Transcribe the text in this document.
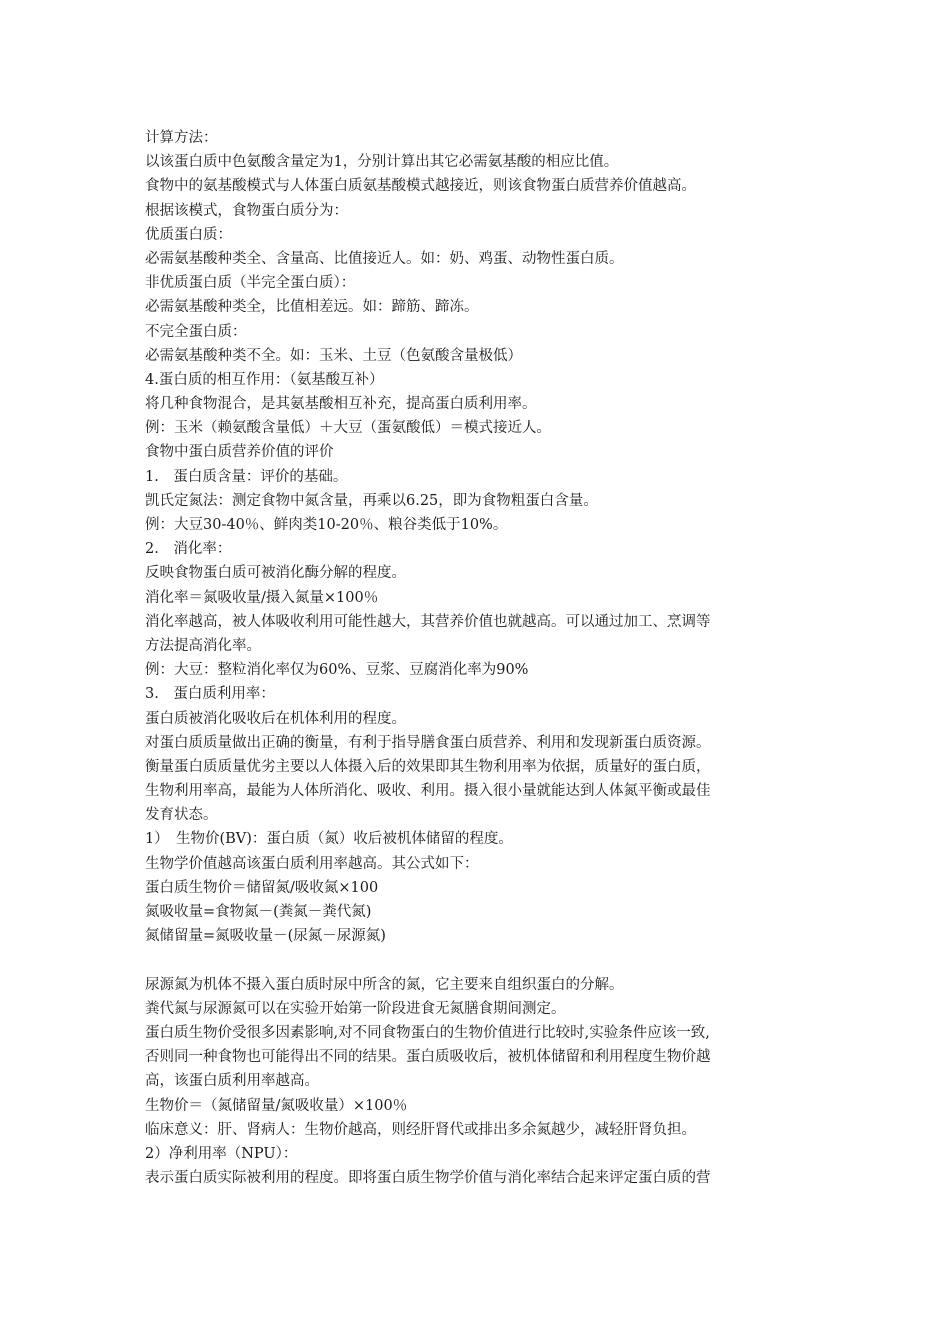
计算方法：
以该蛋白质中色氨酸含量定为1，分别计算出其它必需氨基酸的相应比值。
食物中的氨基酸模式与人体蛋白质氨基酸模式越接近，则该食物蛋白质营养价值越高。
根据该模式，食物蛋白质分为：
优质蛋白质：
必需氨基酸种类全、含量高、比值接近人。如：奶、鸡蛋、动物性蛋白质。
非优质蛋白质（半完全蛋白质）：
必需氨基酸种类全，比值相差远。如：蹄筋、蹄冻。
不完全蛋白质：
必需氨基酸种类不全。如：玉米、土豆（色氨酸含量极低）
4.蛋白质的相互作用：（氨基酸互补）
将几种食物混合，是其氨基酸相互补充，提高蛋白质利用率。
例：玉米（赖氨酸含量低）＋大豆（蛋氨酸低）＝模式接近人。
食物中蛋白质营养价值的评价
1.　蛋白质含量：评价的基础。
凯氏定氮法：测定食物中氮含量，再乘以6.25，即为食物粗蛋白含量。
例：大豆30-40％、鲜肉类10-20％、粮谷类低于10%。
2.　消化率：
反映食物蛋白质可被消化酶分解的程度。
消化率＝氮吸收量/摄入氮量×100％
消化率越高，被人体吸收利用可能性越大，其营养价值也就越高。可以通过加工、烹调等
方法提高消化率。
例：大豆：整粒消化率仅为60%、豆浆、豆腐消化率为90%
3.　蛋白质利用率：
蛋白质被消化吸收后在机体利用的程度。
对蛋白质质量做出正确的衡量，有利于指导膳食蛋白质营养、利用和发现新蛋白质资源。
衡量蛋白质质量优劣主要以人体摄入后的效果即其生物利用率为依据，质量好的蛋白质，
生物利用率高，最能为人体所消化、吸收、利用。摄入很小量就能达到人体氮平衡或最佳
发育状态。
1）　生物价(BV)：蛋白质（氮）收后被机体储留的程度。
生物学价值越高该蛋白质利用率越高。其公式如下：
蛋白质生物价＝储留氮/吸收氮×100
氮吸收量=食物氮－(粪氮－粪代氮)
氮储留量=氮吸收量－(尿氮－尿源氮)
尿源氮为机体不摄入蛋白质时尿中所含的氮，它主要来自组织蛋白的分解。
粪代氮与尿源氮可以在实验开始第一阶段进食无氮膳食期间测定。
蛋白质生物价受很多因素影响,对不同食物蛋白的生物价值进行比较时,实验条件应该一致,
否则同一种食物也可能得出不同的结果。蛋白质吸收后，被机体储留和利用程度生物价越
高，该蛋白质利用率越高。
生物价＝（氮储留量/氮吸收量）×100％
临床意义：肝、肾病人：生物价越高，则经肝肾代或排出多余氮越少，减轻肝肾负担。
2）净利用率（NPU）：
表示蛋白质实际被利用的程度。即将蛋白质生物学价值与消化率结合起来评定蛋白质的营
